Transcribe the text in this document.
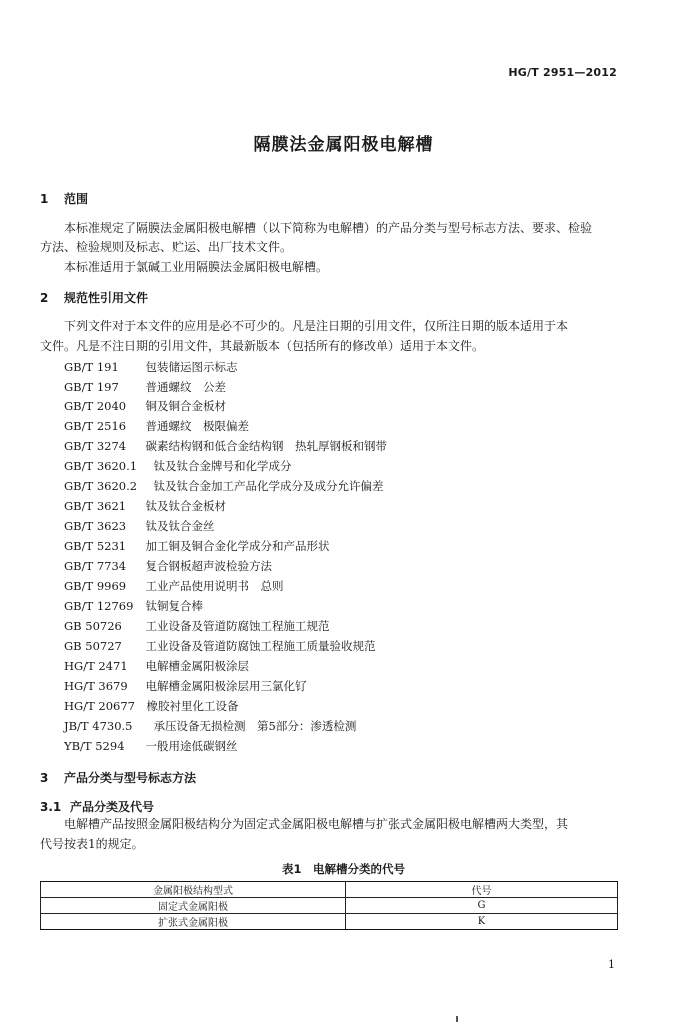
HG/T 2951—2012
隔膜法金属阳极电解槽
1 范围
本标准规定了隔膜法金属阳极电解槽（以下简称为电解槽）的产品分类与型号标志方法、要求、检验
方法、检验规则及标志、贮运、出厂技术文件。
本标准适用于氯碱工业用隔膜法金属阳极电解槽。
2 规范性引用文件
下列文件对于本文件的应用是必不可少的。凡是注日期的引用文件，仅所注日期的版本适用于本
文件。凡是不注日期的引用文件，其最新版本（包括所有的修改单）适用于本文件。
GB/T 191　 包装储运图示标志
GB/T 197　 普通螺纹　公差
GB/T 2040　 铜及铜合金板材
GB/T 2516　 普通螺纹　极限偏差
GB/T 3274　 碳素结构钢和低合金结构钢　热轧厚钢板和钢带
GB/T 3620.1　 钛及钛合金牌号和化学成分
GB/T 3620.2　 钛及钛合金加工产品化学成分及成分允许偏差
GB/T 3621　 钛及钛合金板材
GB/T 3623　 钛及钛合金丝
GB/T 5231　 加工铜及铜合金化学成分和产品形状
GB/T 7734　 复合钢板超声波检验方法
GB/T 9969　 工业产品使用说明书　总则
GB/T 12769　 钛铜复合棒
GB 50726　 工业设备及管道防腐蚀工程施工规范
GB 50727　 工业设备及管道防腐蚀工程施工质量验收规范
HG/T 2471　 电解槽金属阳极涂层
HG/T 3679　 电解槽金属阳极涂层用三氯化钌
HG/T 20677　 橡胶衬里化工设备
JB/T 4730.5　 承压设备无损检测　第5部分：渗透检测
YB/T 5294　 一般用途低碳钢丝
3 产品分类与型号标志方法
3.1 产品分类及代号
电解槽产品按照金属阳极结构分为固定式金属阳极电解槽与扩张式金属阳极电解槽两大类型，其
代号按表1的规定。
表1　 电解槽分类的代号
金属阳极结构型式	代号
固定式金属阳极	G
扩张式金属阳极	K
1
